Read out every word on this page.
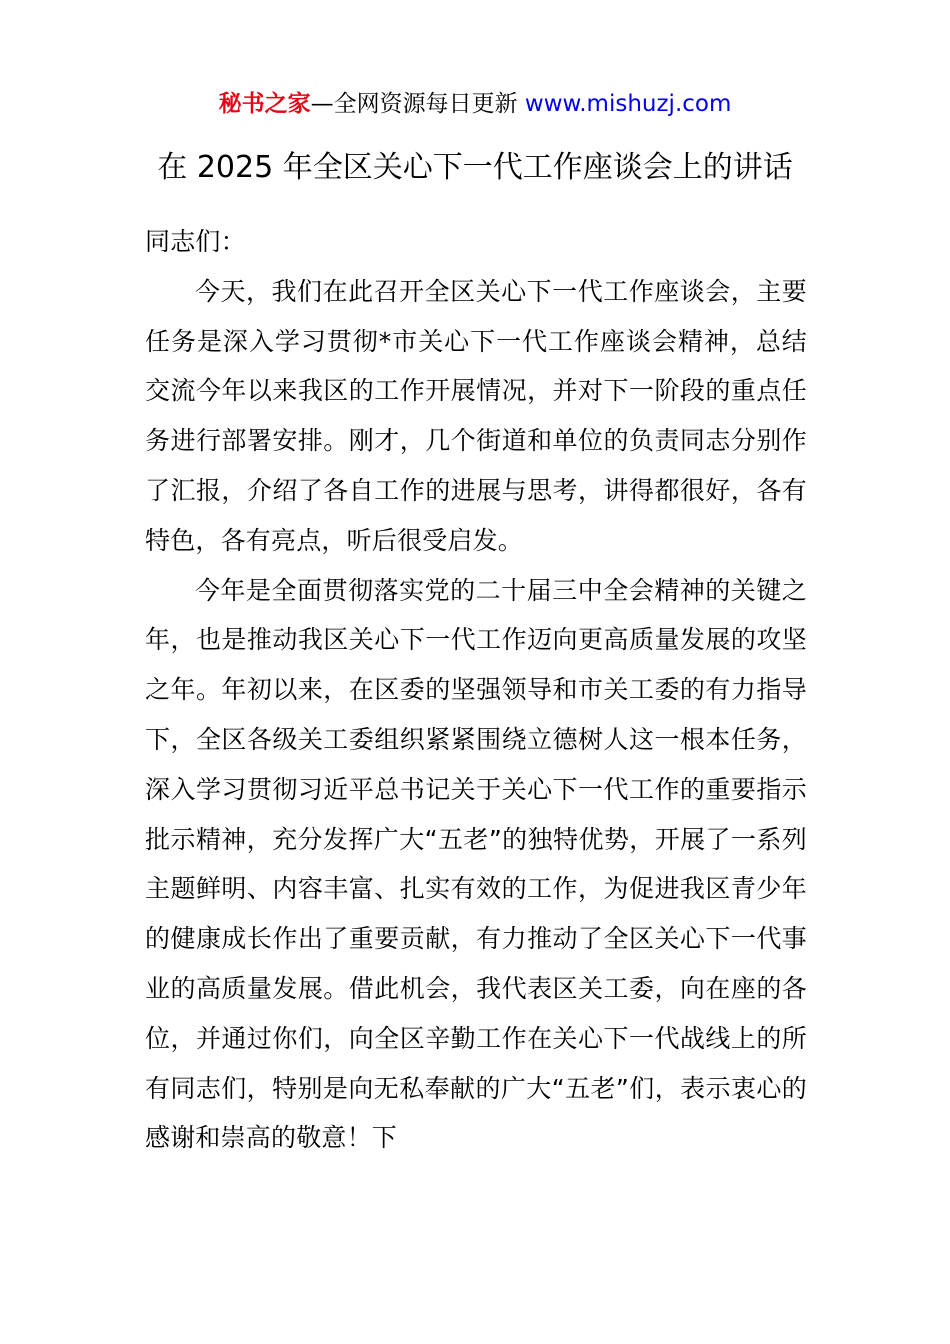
秘书之家—全网资源每日更新 www.mishuzj.com
在 2025 年全区关心下一代工作座谈会上的讲话

同志们：

今天，我们在此召开全区关心下一代工作座谈会，主要任务是深入学习贯彻*市关心下一代工作座谈会精神，总结交流今年以来我区的工作开展情况，并对下一阶段的重点任务进行部署安排。刚才，几个街道和单位的负责同志分别作了汇报，介绍了各自工作的进展与思考，讲得都很好，各有特色，各有亮点，听后很受启发。

今年是全面贯彻落实党的二十届三中全会精神的关键之年，也是推动我区关心下一代工作迈向更高质量发展的攻坚之年。年初以来，在区委的坚强领导和市关工委的有力指导下，全区各级关工委组织紧紧围绕立德树人这一根本任务，深入学习贯彻习近平总书记关于关心下一代工作的重要指示批示精神，充分发挥广大“五老”的独特优势，开展了一系列主题鲜明、内容丰富、扎实有效的工作，为促进我区青少年的健康成长作出了重要贡献，有力推动了全区关心下一代事业的高质量发展。借此机会，我代表区关工委，向在座的各位，并通过你们，向全区辛勤工作在关心下一代战线上的所有同志们，特别是向无私奉献的广大“五老”们，表示衷心的感谢和崇高的敬意！下
